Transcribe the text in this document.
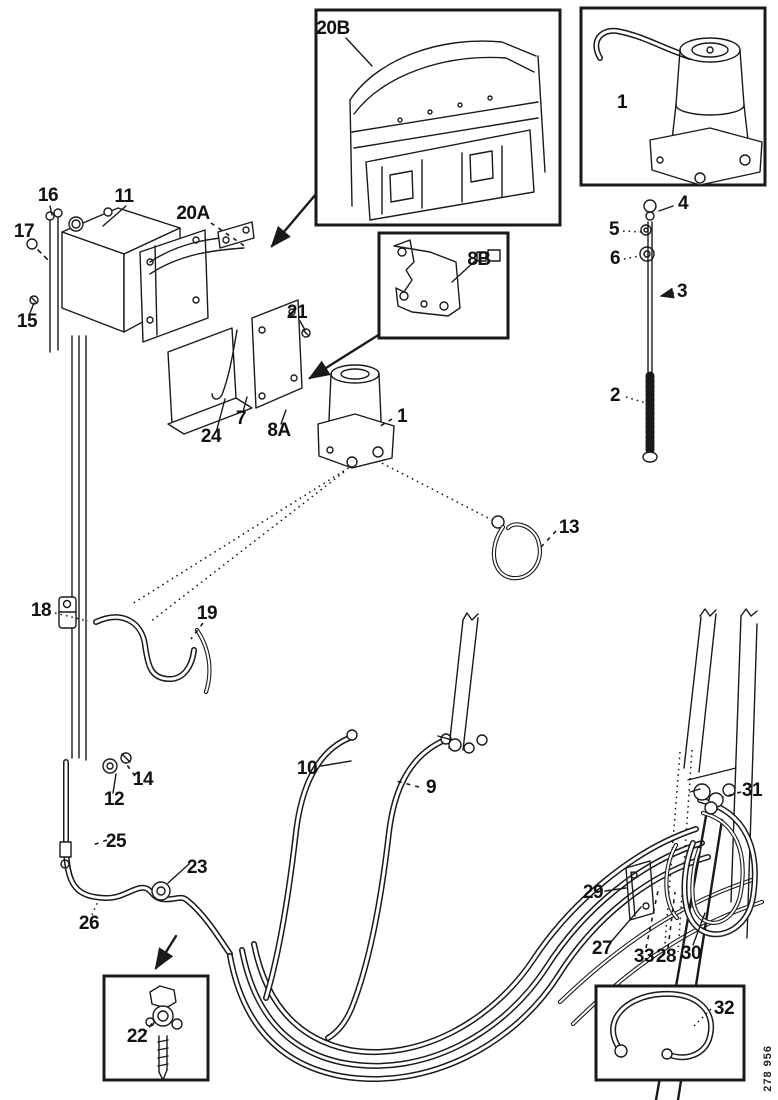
20B
1
16
17
11
20A
15	21
8B
4
5
6
3
2
24
7
8A
1
13
18	19
14
12
10
9
25
23
26
31
29
27 33 28 30
22
32
278 956
